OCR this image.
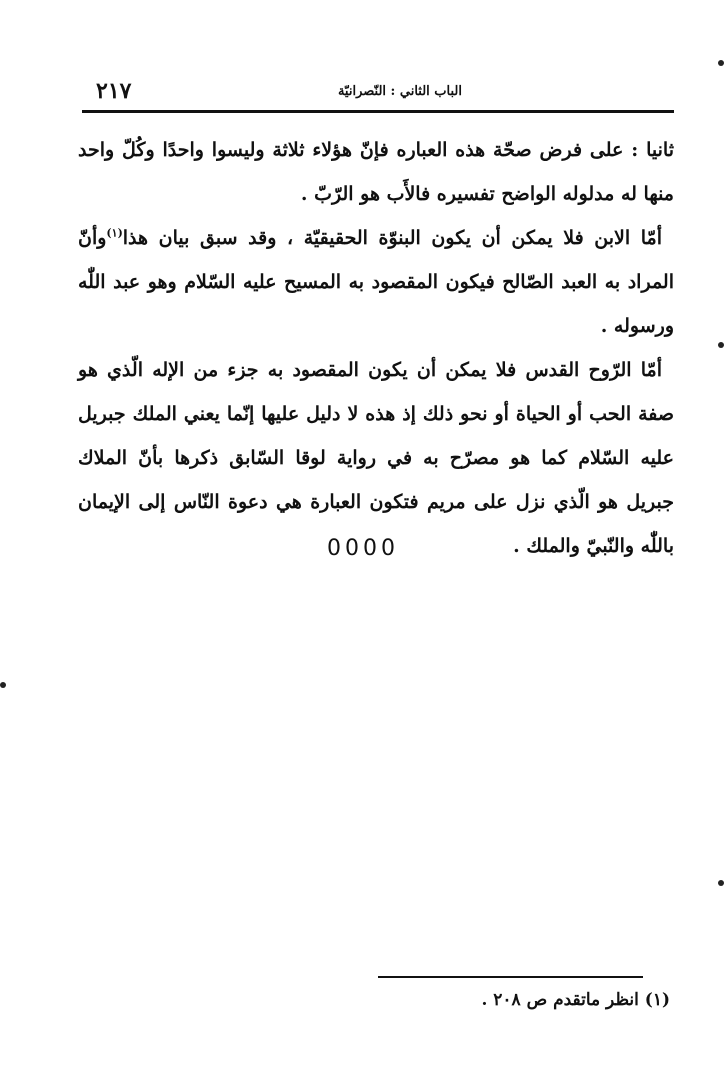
الباب الثاني : النّصرانيّة
٢١٧

ثانيا : على فرض صحّة هذه العباره فإنّ هؤلاء ثلاثة وليسوا واحدًا وكُلّ واحد منها له مدلوله الواضح تفسيره فالأَب هو الرّبّ .

أمّا الابن فلا يمكن أن يكون البنوّة الحقيقيّة ، وقد سبق بيان هذا$^{(١)}$وأنّ المراد به العبد الصّالح فيكون المقصود به المسيح عليه السّلام وهو عبد اللّٰه ورسوله .

أمّا الرّوح القدس فلا يمكن أن يكون المقصود به جزء من الإله الّذي هو صفة الحب أو الحياة أو نحو ذلك إذ هذه لا دليل عليها إنّما يعني الملك جبريل عليه السّلام كما هو مصرّح به في رواية لوقا السّابق ذكرها بأنّ الملاك جبريل هو الّذي نزل على مريم فتكون العبارة هي دعوة النّاس إلى الإيمان باللّٰه والنّبيّ والملك .

0000
(١) انظر ماتقدم ص ٢٠٨ .
